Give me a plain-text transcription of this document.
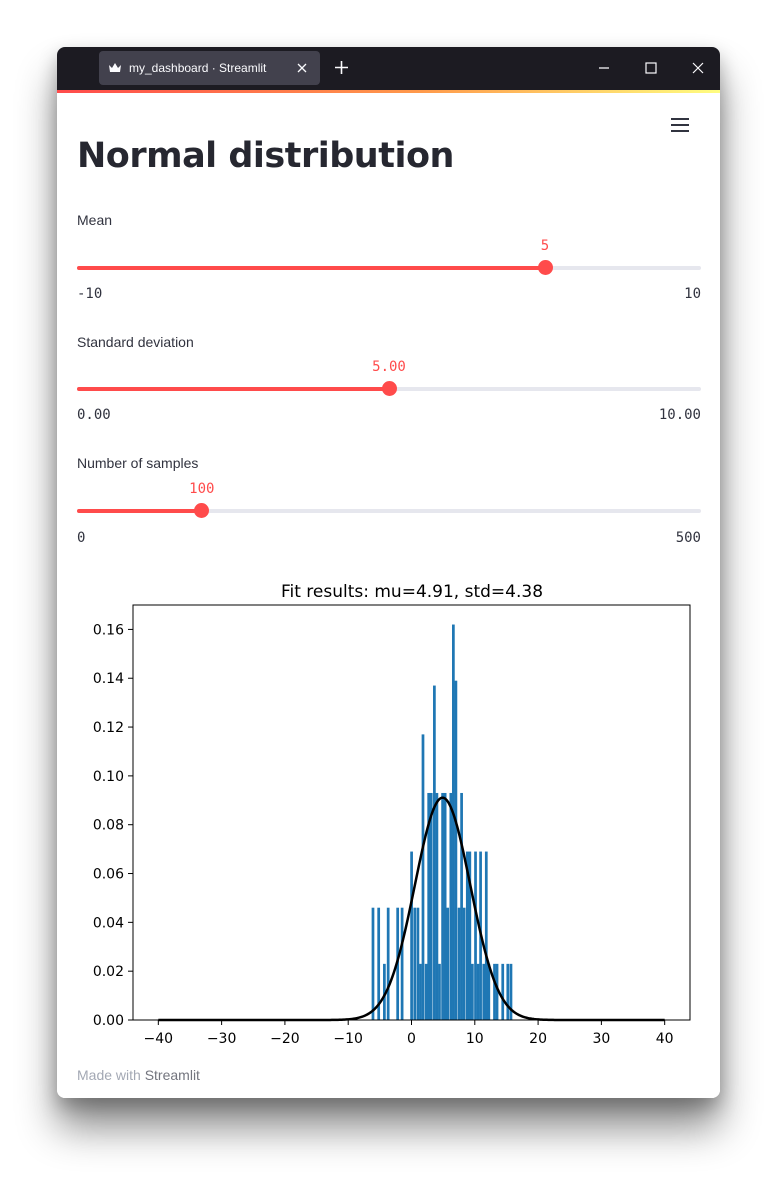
my_dashboard · Streamlit
Normal distribution
Mean
5
-10	10
Standard deviation
5.00
0.00	10.00
Number of samples
100
0	500
Fit results: mu=4.91, std=4.38
−40 −30 −20 −10	0	10	20	30	40
0.00
0.02
0.04
0.06
0.08
0.10
0.12
0.14
0.16
Made with Streamlit
